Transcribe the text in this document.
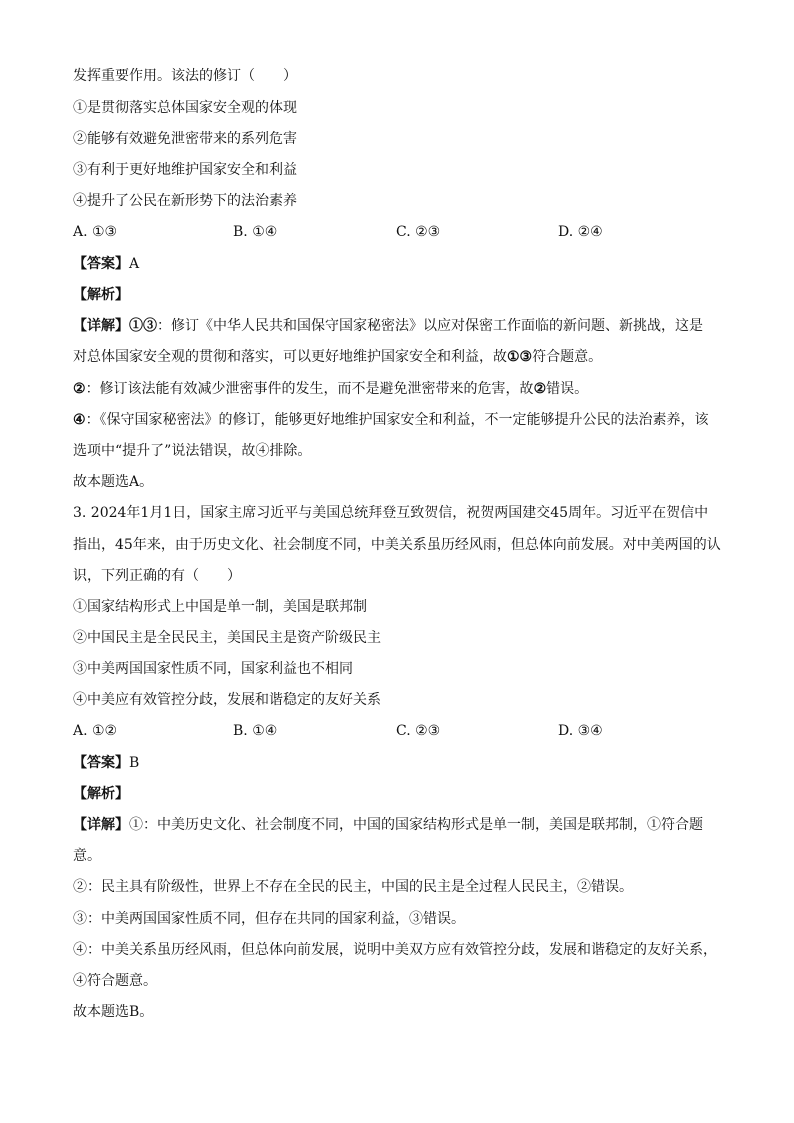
发挥重要作用。该法的修订（　　）
①是贯彻落实总体国家安全观的体现
②能够有效避免泄密带来的系列危害
③有利于更好地维护国家安全和利益
④提升了公民在新形势下的法治素养
A. ①③	B. ①④	C. ②③	D. ②④
【答案】A
【解析】
【详解】①③：修订《中华人民共和国保守国家秘密法》以应对保密工作面临的新问题、新挑战，这是
对总体国家安全观的贯彻和落实，可以更好地维护国家安全和利益，故①③符合题意。
②：修订该法能有效减少泄密事件的发生，而不是避免泄密带来的危害，故②错误。
④：《保守国家秘密法》的修订，能够更好地维护国家安全和利益，不一定能够提升公民的法治素养，该
选项中“提升了”说法错误，故④排除。
故本题选A。
3. 2024年1月1日，国家主席习近平与美国总统拜登互致贺信，祝贺两国建交45周年。习近平在贺信中
指出，45年来，由于历史文化、社会制度不同，中美关系虽历经风雨，但总体向前发展。对中美两国的认
识，下列正确的有（　　）
①国家结构形式上中国是单一制，美国是联邦制
②中国民主是全民民主，美国民主是资产阶级民主
③中美两国国家性质不同，国家利益也不相同
④中美应有效管控分歧，发展和谐稳定的友好关系
A. ①②	B. ①④	C. ②③	D. ③④
【答案】B
【解析】
【详解】①：中美历史文化、社会制度不同，中国的国家结构形式是单一制，美国是联邦制，①符合题
意。
②：民主具有阶级性，世界上不存在全民的民主，中国的民主是全过程人民民主，②错误。
③：中美两国国家性质不同，但存在共同的国家利益，③错误。
④：中美关系虽历经风雨，但总体向前发展，说明中美双方应有效管控分歧，发展和谐稳定的友好关系，
④符合题意。
故本题选B。
